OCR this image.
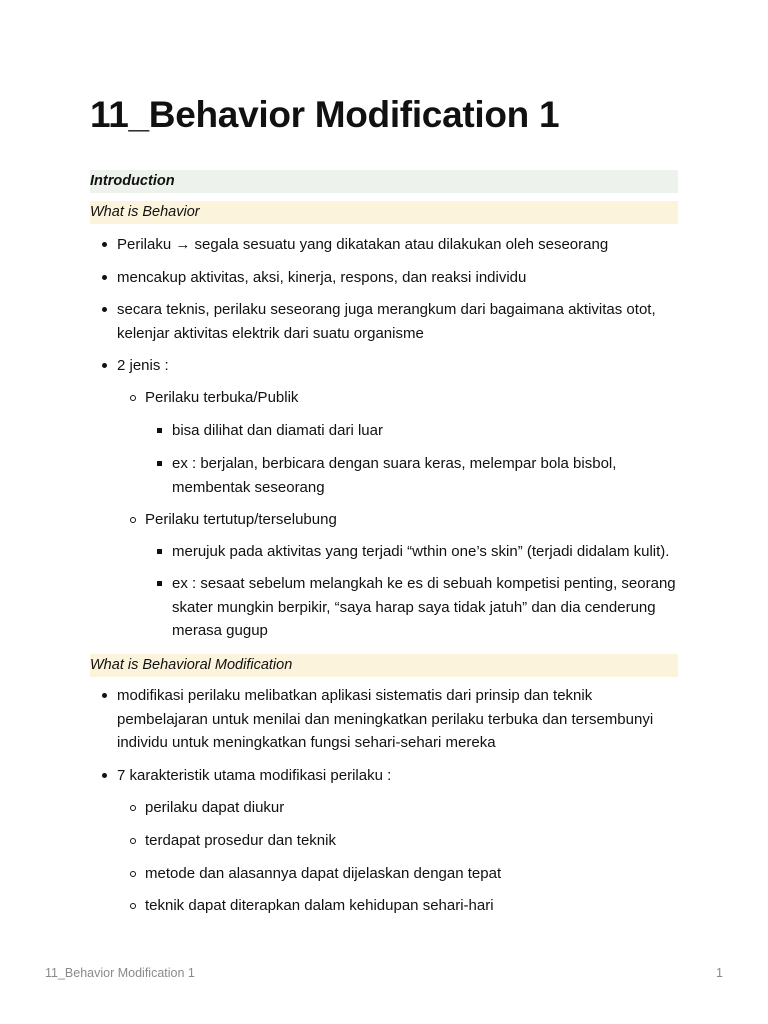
11_Behavior Modification 1
Introduction
What is Behavior
Perilaku → segala sesuatu yang dikatakan atau dilakukan oleh seseorang
mencakup aktivitas, aksi, kinerja, respons, dan reaksi individu
secara teknis, perilaku seseorang juga merangkum dari bagaimana aktivitas otot, kelenjar aktivitas elektrik dari suatu organisme
2 jenis :
Perilaku terbuka/Publik
bisa dilihat dan diamati dari luar
ex : berjalan, berbicara dengan suara keras, melempar bola bisbol, membentak seseorang
Perilaku tertutup/terselubung
merujuk pada aktivitas yang terjadi “wthin one’s skin” (terjadi didalam kulit).
ex : sesaat sebelum melangkah ke es di sebuah kompetisi penting, seorang skater mungkin berpikir, “saya harap saya tidak jatuh” dan dia cenderung merasa gugup
What is Behavioral Modification
modifikasi perilaku melibatkan aplikasi sistematis dari prinsip dan teknik pembelajaran untuk menilai dan meningkatkan perilaku terbuka dan tersembunyi individu untuk meningkatkan fungsi sehari-sehari mereka
7 karakteristik utama modifikasi perilaku :
perilaku dapat diukur
terdapat prosedur dan teknik
metode dan alasannya dapat dijelaskan dengan tepat
teknik dapat diterapkan dalam kehidupan sehari-hari
11_Behavior Modification 1	1
